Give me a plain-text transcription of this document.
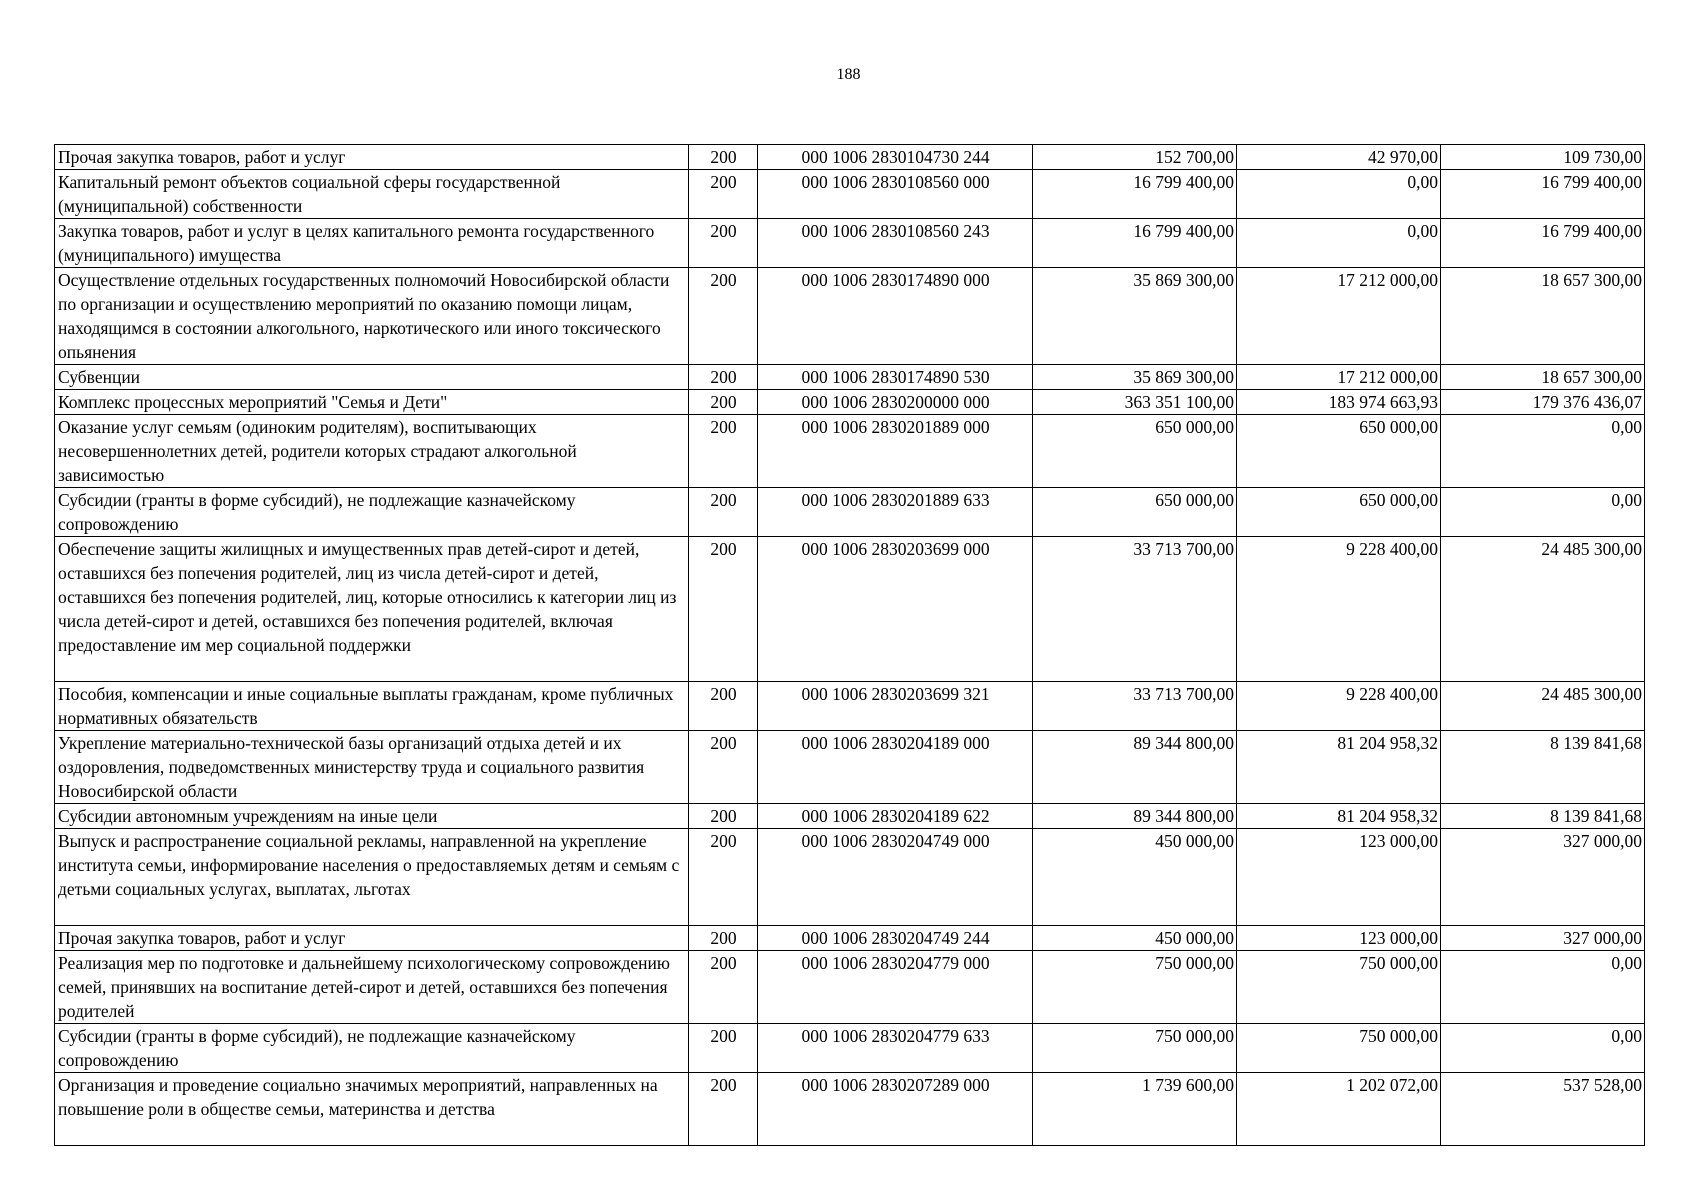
188
Прочая закупка товаров, работ и услуг	200	000 1006 2830104730 244	152 700,00	42 970,00	109 730,00
Капитальный ремонт объектов социальной сферы государственной (муниципальной) собственности	200	000 1006 2830108560 000	16 799 400,00	0,00	16 799 400,00
Закупка товаров, работ и услуг в целях капитального ремонта государственного (муниципального) имущества	200	000 1006 2830108560 243	16 799 400,00	0,00	16 799 400,00
Осуществление отдельных государственных полномочий Новосибирской области по организации и осуществлению мероприятий по оказанию помощи лицам, находящимся в состоянии алкогольного, наркотического или иного токсического опьянения	200	000 1006 2830174890 000	35 869 300,00	17 212 000,00	18 657 300,00
Субвенции	200	000 1006 2830174890 530	35 869 300,00	17 212 000,00	18 657 300,00
Комплекс процессных мероприятий "Семья и Дети"	200	000 1006 2830200000 000	363 351 100,00	183 974 663,93	179 376 436,07
Оказание услуг семьям (одиноким родителям), воспитывающих несовершеннолетних детей, родители которых страдают алкогольной зависимостью	200	000 1006 2830201889 000	650 000,00	650 000,00	0,00
Субсидии (гранты в форме субсидий), не подлежащие казначейскому сопровождению	200	000 1006 2830201889 633	650 000,00	650 000,00	0,00
Обеспечение защиты жилищных и имущественных прав детей-сирот и детей, оставшихся без попечения родителей, лиц из числа детей-сирот и детей, оставшихся без попечения родителей, лиц, которые относились к категории лиц из числа детей-сирот и детей, оставшихся без попечения родителей, включая предоставление им мер социальной поддержки	200	000 1006 2830203699 000	33 713 700,00	9 228 400,00	24 485 300,00
Пособия, компенсации и иные социальные выплаты гражданам, кроме публичных нормативных обязательств	200	000 1006 2830203699 321	33 713 700,00	9 228 400,00	24 485 300,00
Укрепление материально-технической базы организаций отдыха детей и их оздоровления, подведомственных министерству труда и социального развития Новосибирской области	200	000 1006 2830204189 000	89 344 800,00	81 204 958,32	8 139 841,68
Субсидии автономным учреждениям на иные цели	200	000 1006 2830204189 622	89 344 800,00	81 204 958,32	8 139 841,68
Выпуск и распространение социальной рекламы, направленной на укрепление института семьи, информирование населения о предоставляемых детям и семьям с детьми социальных услугах, выплатах, льготах	200	000 1006 2830204749 000	450 000,00	123 000,00	327 000,00
Прочая закупка товаров, работ и услуг	200	000 1006 2830204749 244	450 000,00	123 000,00	327 000,00
Реализация мер по подготовке и дальнейшему психологическому сопровождению семей, принявших на воспитание детей-сирот и детей, оставшихся без попечения родителей	200	000 1006 2830204779 000	750 000,00	750 000,00	0,00
Субсидии (гранты в форме субсидий), не подлежащие казначейскому сопровождению	200	000 1006 2830204779 633	750 000,00	750 000,00	0,00
Организация и проведение социально значимых мероприятий, направленных на повышение роли в обществе семьи, материнства и детства	200	000 1006 2830207289 000	1 739 600,00	1 202 072,00	537 528,00
